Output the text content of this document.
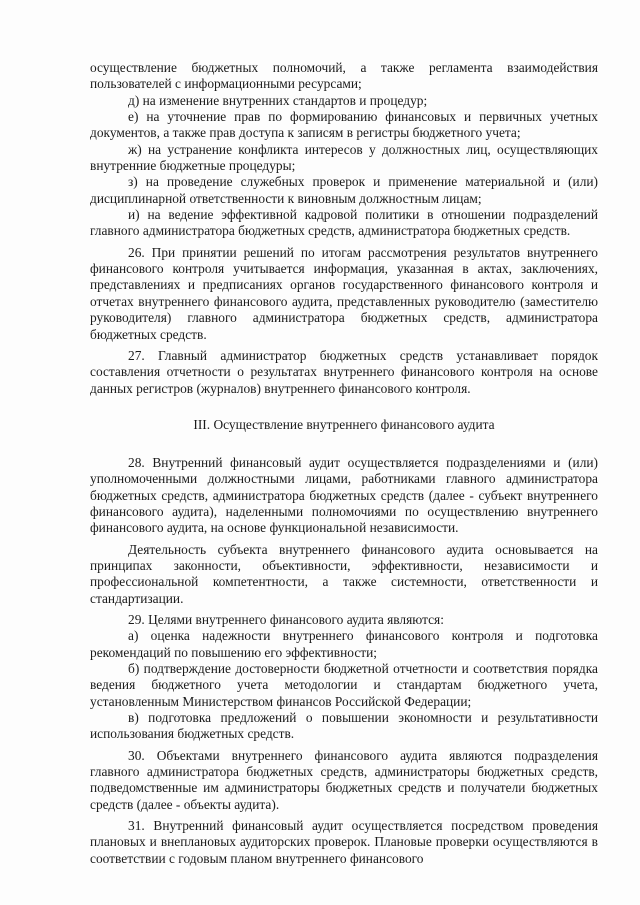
осуществление бюджетных полномочий, а также регламента взаимодействия пользователей с информационными ресурсами;

д) на изменение внутренних стандартов и процедур;

е) на уточнение прав по формированию финансовых и первичных учетных документов, а также прав доступа к записям в регистры бюджетного учета;

ж) на устранение конфликта интересов у должностных лиц, осуществляющих внутренние бюджетные процедуры;

з) на проведение служебных проверок и применение материальной и (или) дисциплинарной ответственности к виновным должностным лицам;

и) на ведение эффективной кадровой политики в отношении подразделений главного администратора бюджетных средств, администратора бюджетных средств.

26. При принятии решений по итогам рассмотрения результатов внутреннего финансового контроля учитывается информация, указанная в актах, заключениях, представлениях и предписаниях органов государственного финансового контроля и отчетах внутреннего финансового аудита, представленных руководителю (заместителю руководителя) главного администратора бюджетных средств, администратора бюджетных средств.

27. Главный администратор бюджетных средств устанавливает порядок составления отчетности о результатах внутреннего финансового контроля на основе данных регистров (журналов) внутреннего финансового контроля.

III. Осуществление внутреннего финансового аудита

28. Внутренний финансовый аудит осуществляется подразделениями и (или) уполномоченными должностными лицами, работниками главного администратора бюджетных средств, администратора бюджетных средств (далее - субъект внутреннего финансового аудита), наделенными полномочиями по осуществлению внутреннего финансового аудита, на основе функциональной независимости.

Деятельность субъекта внутреннего финансового аудита основывается на принципах законности, объективности, эффективности, независимости и профессиональной компетентности, а также системности, ответственности и стандартизации.

29. Целями внутреннего финансового аудита являются:

а) оценка надежности внутреннего финансового контроля и подготовка рекомендаций по повышению его эффективности;

б) подтверждение достоверности бюджетной отчетности и соответствия порядка ведения бюджетного учета методологии и стандартам бюджетного учета, установленным Министерством финансов Российской Федерации;

в) подготовка предложений о повышении экономности и результативности использования бюджетных средств.

30. Объектами внутреннего финансового аудита являются подразделения главного администратора бюджетных средств, администраторы бюджетных средств, подведомственные им администраторы бюджетных средств и получатели бюджетных средств (далее - объекты аудита).

31. Внутренний финансовый аудит осуществляется посредством проведения плановых и внеплановых аудиторских проверок. Плановые проверки осуществляются в соответствии с годовым планом внутреннего финансового
